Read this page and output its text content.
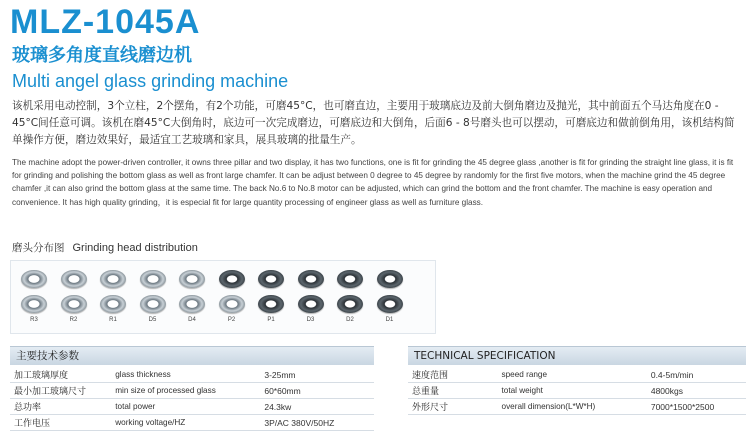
MLZ-1045A
玻璃多角度直线磨边机
Multi angel glass grinding machine
该机采用电动控制，3个立柱，2个摆角，有2个功能，可磨45°C，也可磨直边，主要用于玻璃底边及前大倒角磨边及抛光，其中前面五个马达角度在0 - 45°C间任意可调。该机在磨45°C大倒角时，底边可一次完成磨边，可磨底边和大倒角，后面6 - 8号磨头也可以摆动，可磨底边和做前倒角用，该机结构简单操作方便，磨边效果好，最适宜工艺玻璃和家具，展具玻璃的批量生产。
The machine adopt the power-driven controller, it owns three pillar and two display, it has two functions, one is fit for grinding the 45 degree glass ,another is fit for grinding the straight line glass, it is fit for grinding and polishing the bottom glass as well as front large chamfer. It can be adjust between 0 degree to 45 degree by randomly for the first five motors, when the machine grind the 45 degree chamfer ,it can also grind the bottom glass at the same time. The back No.6 to No.8 motor can be adjusted, which can grind the bottom and the front chamfer. The machine is easy operation and convenience. It has high quality grinding，it is especial fit for large quantity processing of engineer glass as well as furniture glass.
磨头分布图 Grinding head distribution
R3	R2	R1	D5	D4	P2	P1	D3	D2	D1
主要技术参数
加工玻璃厚度	glass thickness	3-25mm
最小加工玻璃尺寸	min size of processed glass	60*60mm
总功率	total power	24.3kw
工作电压	working voltage/HZ	3P/AC 380V/50HZ
TECHNICAL SPECIFICATION
速度范围	speed range	0.4-5m/min
总重量	total weight	4800kgs
外形尺寸	overall dimension(L*W*H)	7000*1500*2500
